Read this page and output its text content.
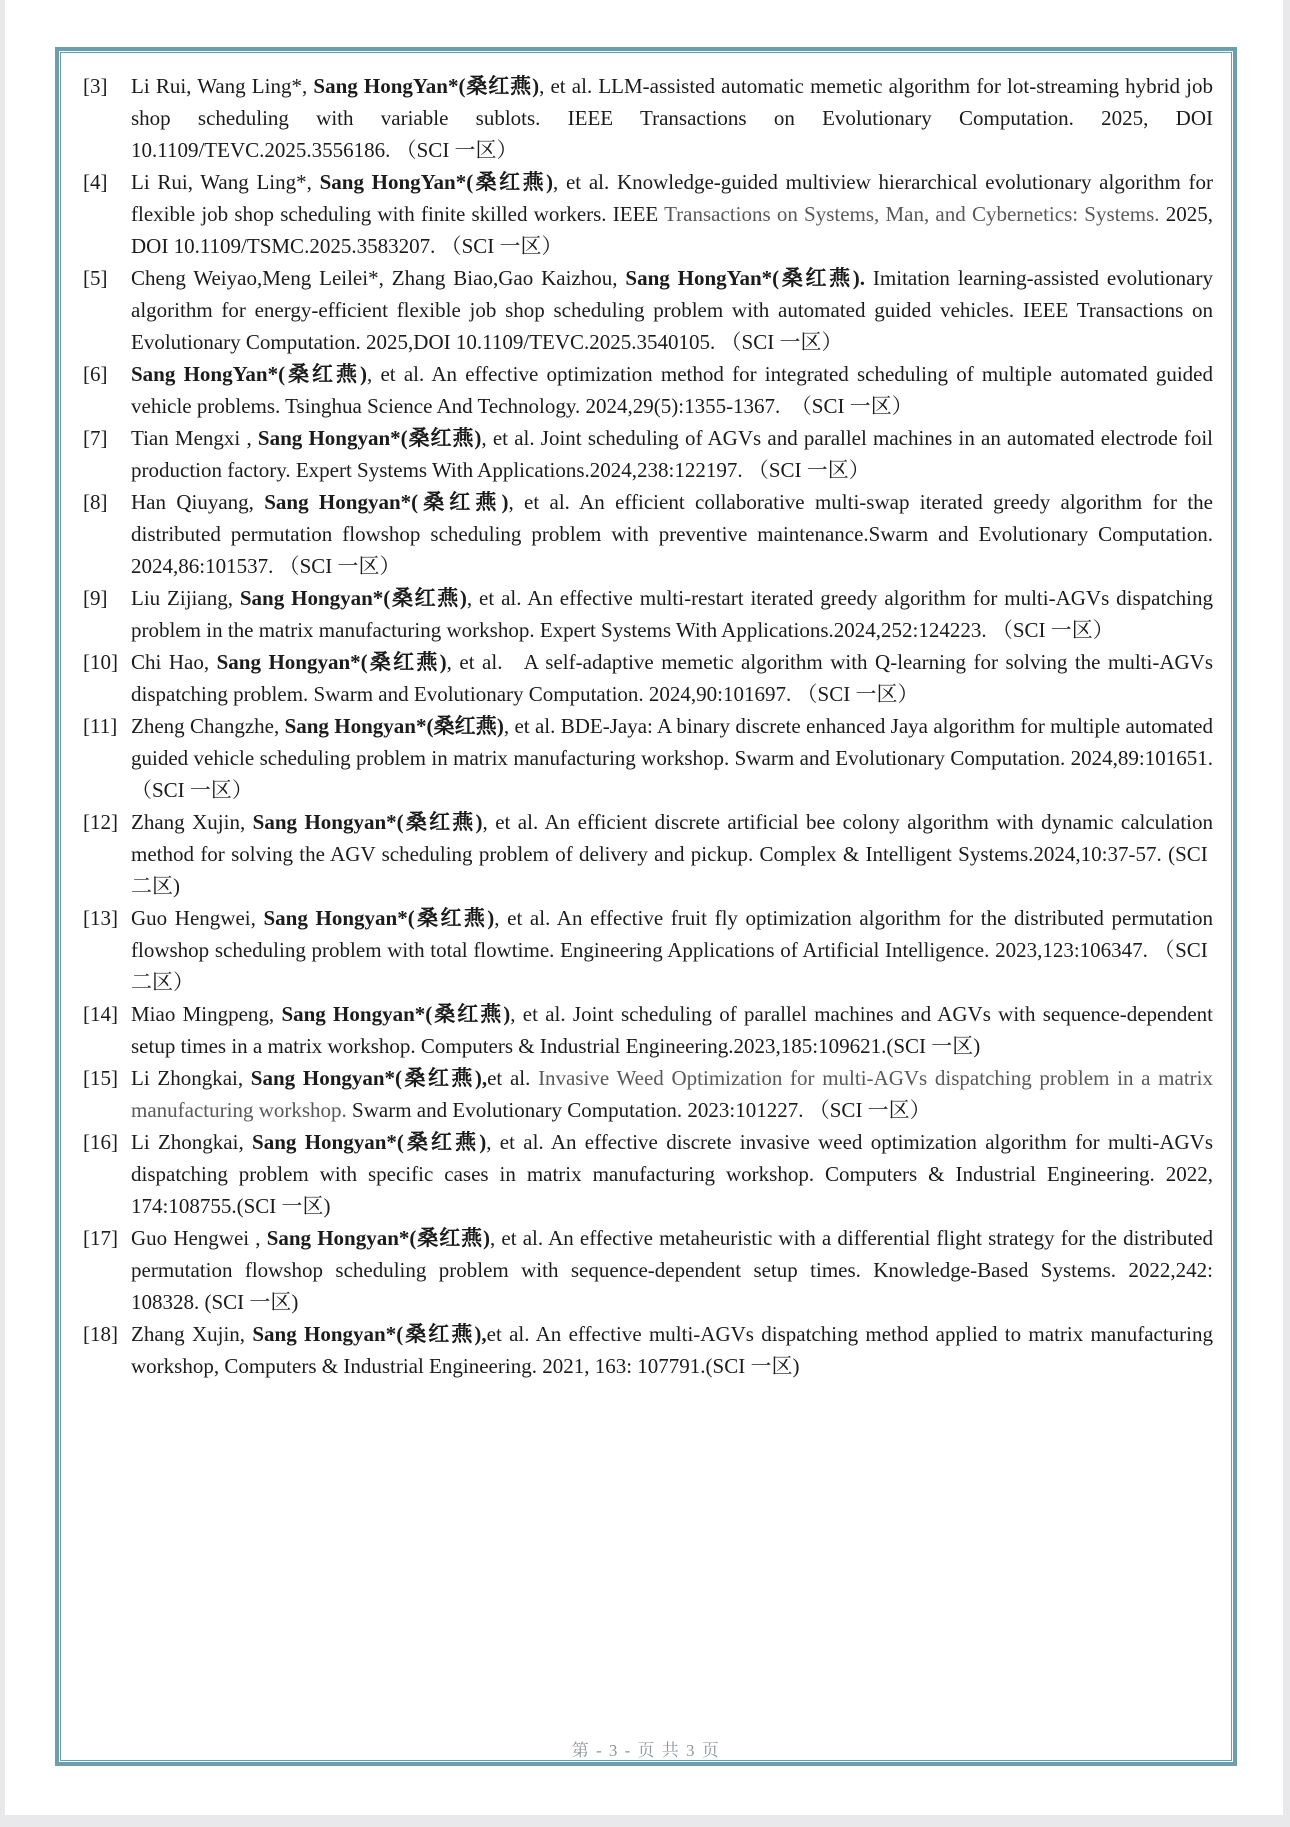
[3] Li Rui, Wang Ling*, Sang HongYan*(桑红燕), et al. LLM-assisted automatic memetic algorithm for lot-streaming hybrid job shop scheduling with variable sublots. IEEE Transactions on Evolutionary Computation. 2025, DOI 10.1109/TEVC.2025.3556186. （SCI 一区）
[4] Li Rui, Wang Ling*, Sang HongYan*(桑红燕), et al. Knowledge-guided multiview hierarchical evolutionary algorithm for flexible job shop scheduling with finite skilled workers. IEEE Transactions on Systems, Man, and Cybernetics: Systems. 2025, DOI 10.1109/TSMC.2025.3583207. （SCI 一区）
[5] Cheng Weiyao,Meng Leilei*, Zhang Biao,Gao Kaizhou, Sang HongYan*(桑红燕). Imitation learning-assisted evolutionary algorithm for energy-efficient flexible job shop scheduling problem with automated guided vehicles. IEEE Transactions on Evolutionary Computation. 2025,DOI 10.1109/TEVC.2025.3540105. （SCI 一区）
[6] Sang HongYan*(桑红燕), et al. An effective optimization method for integrated scheduling of multiple automated guided vehicle problems. Tsinghua Science And Technology. 2024,29(5):1355-1367.  （SCI 一区）
[7] Tian Mengxi , Sang Hongyan*(桑红燕), et al. Joint scheduling of AGVs and parallel machines in an automated electrode foil production factory. Expert Systems With Applications.2024,238:122197. （SCI 一区）
[8] Han Qiuyang, Sang Hongyan*(桑红燕), et al. An efficient collaborative multi-swap iterated greedy algorithm for the distributed permutation flowshop scheduling problem with preventive maintenance.Swarm and Evolutionary Computation. 2024,86:101537. （SCI 一区）
[9] Liu Zijiang, Sang Hongyan*(桑红燕), et al. An effective multi-restart iterated greedy algorithm for multi-AGVs dispatching problem in the matrix manufacturing workshop. Expert Systems With Applications.2024,252:124223. （SCI 一区）
[10] Chi Hao, Sang Hongyan*(桑红燕), et al.   A self-adaptive memetic algorithm with Q-learning for solving the multi-AGVs dispatching problem. Swarm and Evolutionary Computation. 2024,90:101697. （SCI 一区）
[11] Zheng Changzhe, Sang Hongyan*(桑红燕), et al. BDE-Jaya: A binary discrete enhanced Jaya algorithm for multiple automated guided vehicle scheduling problem in matrix manufacturing workshop. Swarm and Evolutionary Computation. 2024,89:101651. （SCI 一区）
[12] Zhang Xujin, Sang Hongyan*(桑红燕), et al. An efficient discrete artificial bee colony algorithm with dynamic calculation method for solving the AGV scheduling problem of delivery and pickup. Complex & Intelligent Systems.2024,10:37-57. (SCI  二区)
[13] Guo Hengwei, Sang Hongyan*(桑红燕), et al. An effective fruit fly optimization algorithm for the distributed permutation flowshop scheduling problem with total flowtime. Engineering Applications of Artificial Intelligence. 2023,123:106347. （SCI  二区）
[14] Miao Mingpeng, Sang Hongyan*(桑红燕), et al. Joint scheduling of parallel machines and AGVs with sequence-dependent setup times in a matrix workshop. Computers & Industrial Engineering.2023,185:109621.(SCI 一区)
[15] Li Zhongkai, Sang Hongyan*(桑红燕),et al. Invasive Weed Optimization for multi-AGVs dispatching problem in a matrix manufacturing workshop. Swarm and Evolutionary Computation. 2023:101227. （SCI 一区）
[16] Li Zhongkai, Sang Hongyan*(桑红燕), et al. An effective discrete invasive weed optimization algorithm for multi-AGVs dispatching problem with specific cases in matrix manufacturing workshop. Computers & Industrial Engineering. 2022, 174:108755.(SCI 一区)
[17] Guo Hengwei , Sang Hongyan*(桑红燕), et al. An effective metaheuristic with a differential flight strategy for the distributed permutation flowshop scheduling problem with sequence-dependent setup times. Knowledge-Based Systems. 2022,242: 108328. (SCI 一区)
[18] Zhang Xujin, Sang Hongyan*(桑红燕),et al. An effective multi-AGVs dispatching method applied to matrix manufacturing workshop, Computers & Industrial Engineering. 2021, 163: 107791.(SCI 一区)
第 - 3 - 页 共 3 页
